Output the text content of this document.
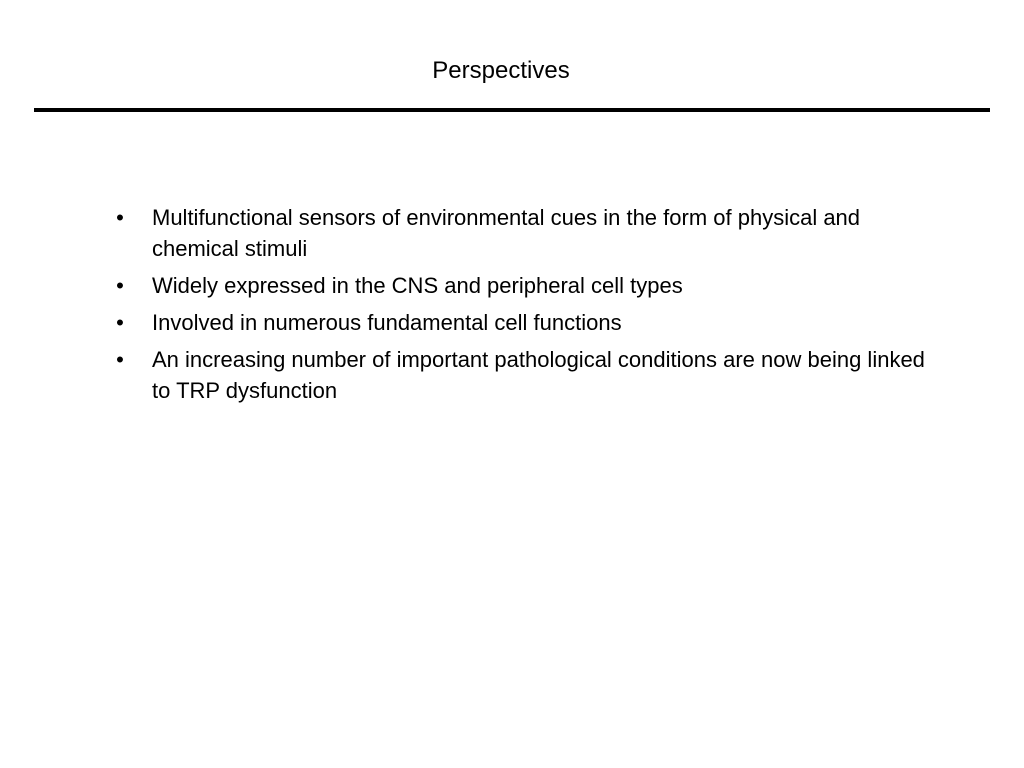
Perspectives
• Multifunctional sensors of environmental cues in the form of physical and chemical stimuli
• Widely expressed in the CNS and peripheral cell types
• Involved in numerous fundamental cell functions
• An increasing number of important pathological conditions are now being linked to TRP dysfunction
